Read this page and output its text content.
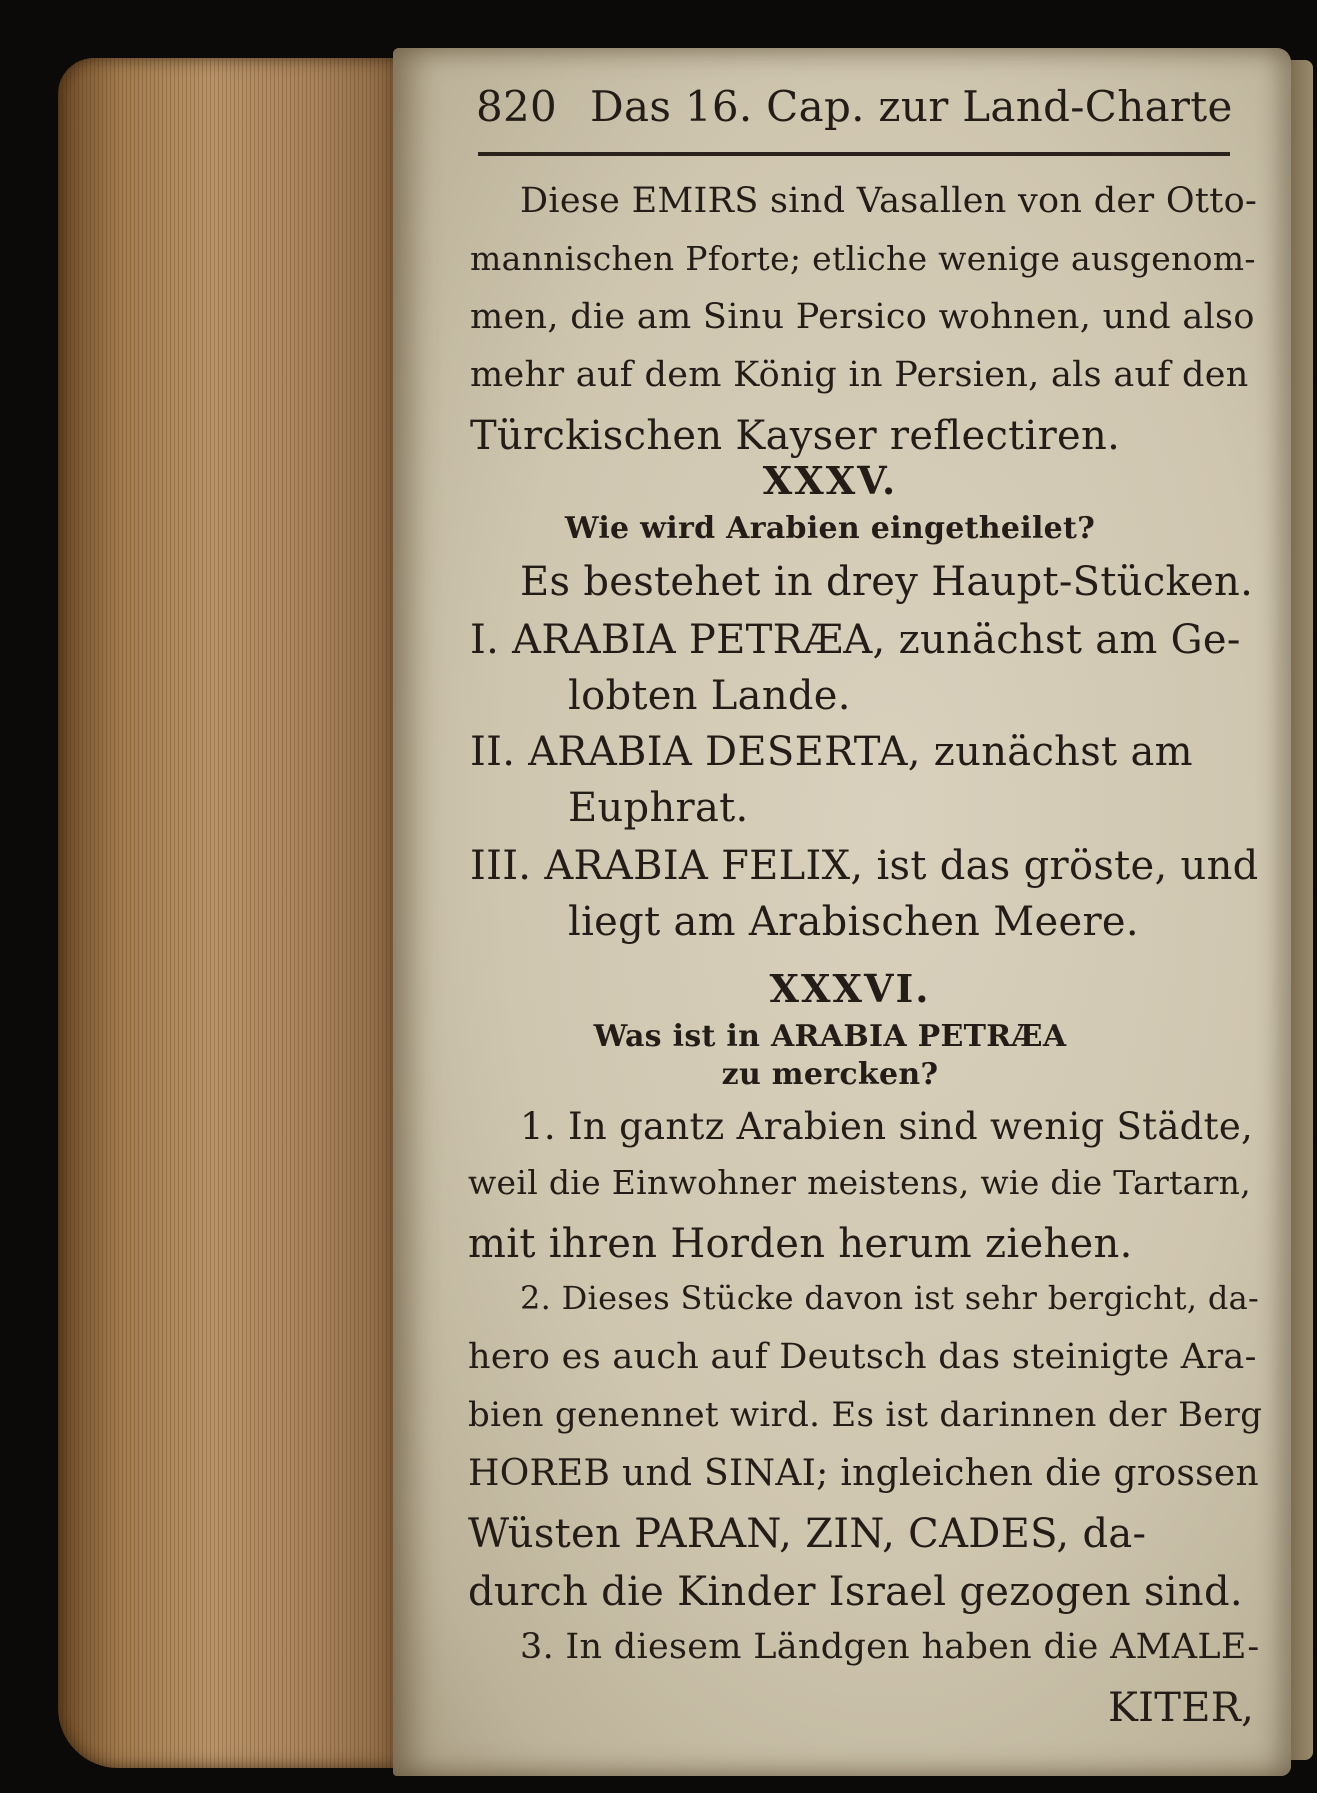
820 Das 16. Cap. zur Land-Charte

Diese EMIRS sind Vasallen von der Otto-

mannischen Pforte; etliche wenige ausgenom-

men, die am Sinu Persico wohnen, und also

mehr auf dem König in Persien, als auf den

Türckischen Kayser reflectiren.

XXXV.

Wie wird Arabien eingetheilet?

Es bestehet in drey Haupt-Stücken.

I. ARABIA PETRÆA, zunächst am Ge-

lobten Lande.

II. ARABIA DESERTA, zunächst am

Euphrat.

III. ARABIA FELIX, ist das gröste, und

liegt am Arabischen Meere.

XXXVI.

Was ist in ARABIA PETRÆA

zu mercken?

1. In gantz Arabien sind wenig Städte,

weil die Einwohner meistens, wie die Tartarn,

mit ihren Horden herum ziehen.

2. Dieses Stücke davon ist sehr bergicht, da-

hero es auch auf Deutsch das steinigte Ara-

bien genennet wird. Es ist darinnen der Berg

HOREB und SINAI; ingleichen die grossen

Wüsten PARAN, ZIN, CADES, da-

durch die Kinder Israel gezogen sind.

3. In diesem Ländgen haben die AMALE-

KITER,
